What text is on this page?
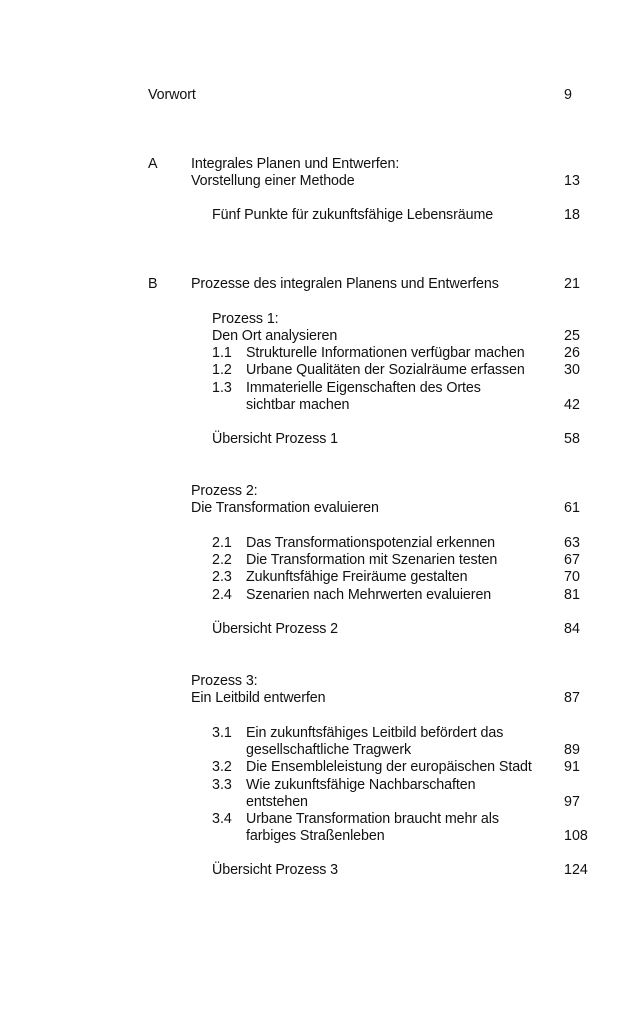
Vorwort	9
A Integrales Planen und Entwerfen:
Vorstellung einer Methode	13
Fünf Punkte für zukunftsfähige Lebensräume	18
B Prozesse des integralen Planens und Entwerfens	21
Prozess 1:
Den Ort analysieren	25
1.1 Strukturelle Informationen verfügbar machen	26
1.2 Urbane Qualitäten der Sozialräume erfassen	30
1.3 Immaterielle Eigenschaften des Ortes
sichtbar machen	42
Übersicht Prozess 1	58
Prozess 2:
Die Transformation evaluieren	61
2.1 Das Transformationspotenzial erkennen	63
2.2 Die Transformation mit Szenarien testen	67
2.3 Zukunftsfähige Freiräume gestalten	70
2.4 Szenarien nach Mehrwerten evaluieren	81
Übersicht Prozess 2	84
Prozess 3:
Ein Leitbild entwerfen	87
3.1 Ein zukunftsfähiges Leitbild befördert das
gesellschaftliche Tragwerk	89
3.2 Die Ensembleleistung der europäischen Stadt 91
3.3 Wie zukunftsfähige Nachbarschaften
entstehen	97
3.4 Urbane Transformation braucht mehr als
farbiges Straßenleben	108
Übersicht Prozess 3	124
